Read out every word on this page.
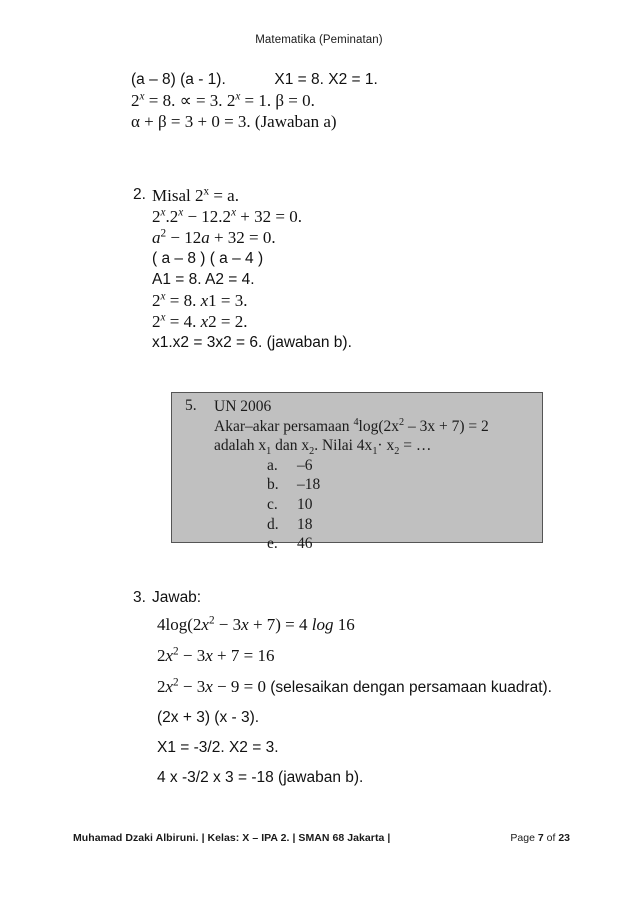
Matematika (Peminatan)
(a – 8) (a - 1).	X1 = 8. X2 = 1.
$2^x = 8$. ∝ = 3. $2^x = 1$. β = 0.
α + β = 3 + 0 = 3. (Jawaban a)
2. Misal $2^x = a$.
$2^x.2^x - 12.2^x + 32 = 0$.
$a^2 - 12a + 32 = 0$.
( a – 8 ) ( a – 4 )
A1 = 8. A2 = 4.
$2^x = 8$. x1 = 3.
$2^x = 4$. x2 = 2.
x1.x2 = 3x2 = 6. (jawaban b).
5. UN 2006
Akar–akar persamaan $^4\log(2x^2 - 3x + 7) = 2$
adalah $x_1$ dan $x_2$. Nilai $4x_1\cdot x_2$ = …
a. –6
b. –18
c. 10
d. 18
e. 46
3. Jawab:
$4\log(2x^2 - 3x + 7) = 4$ log 16
$2x^2 - 3x + 7 = 16$
$2x^2 - 3x - 9 = 0$ (selesaikan dengan persamaan kuadrat).
(2x + 3) (x - 3).
X1 = -3/2. X2 = 3.
4 x -3/2 x 3 = -18 (jawaban b).
Muhamad Dzaki Albiruni. | Kelas: X – IPA 2. | SMAN 68 Jakarta |	Page 7 of 23
